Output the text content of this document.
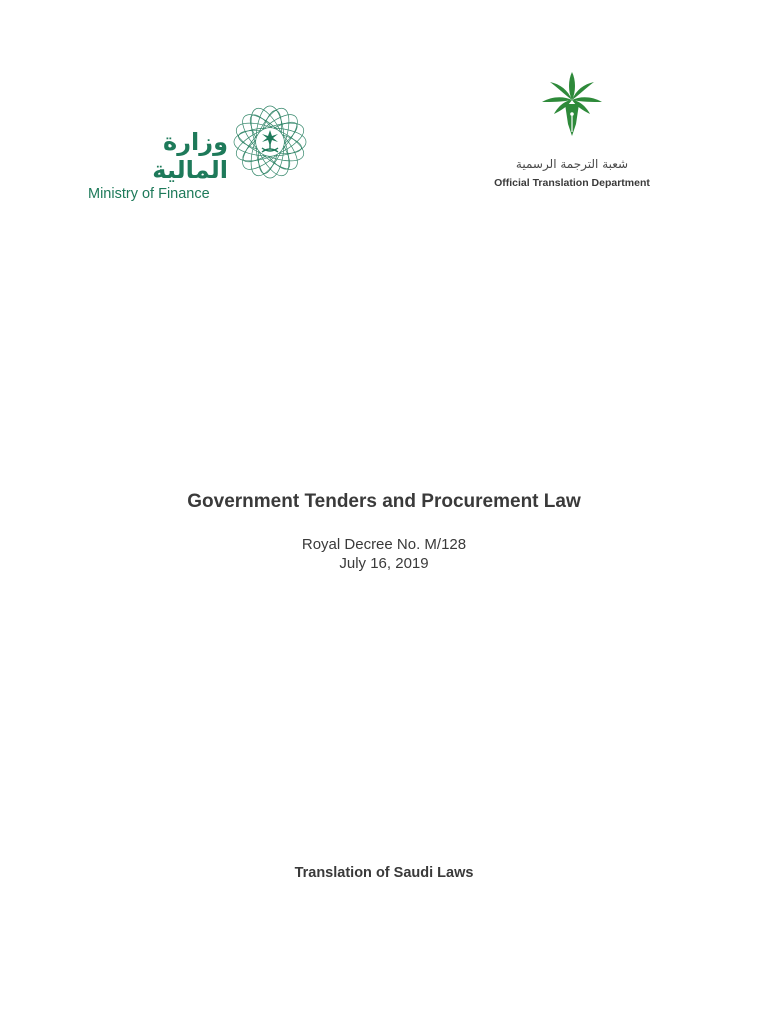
وزارة المالية
Ministry of Finance
شعبة الترجمة الرسمية
Official Translation Department
Government Tenders and Procurement Law
Royal Decree No. M/128
July 16, 2019
Translation of Saudi Laws
